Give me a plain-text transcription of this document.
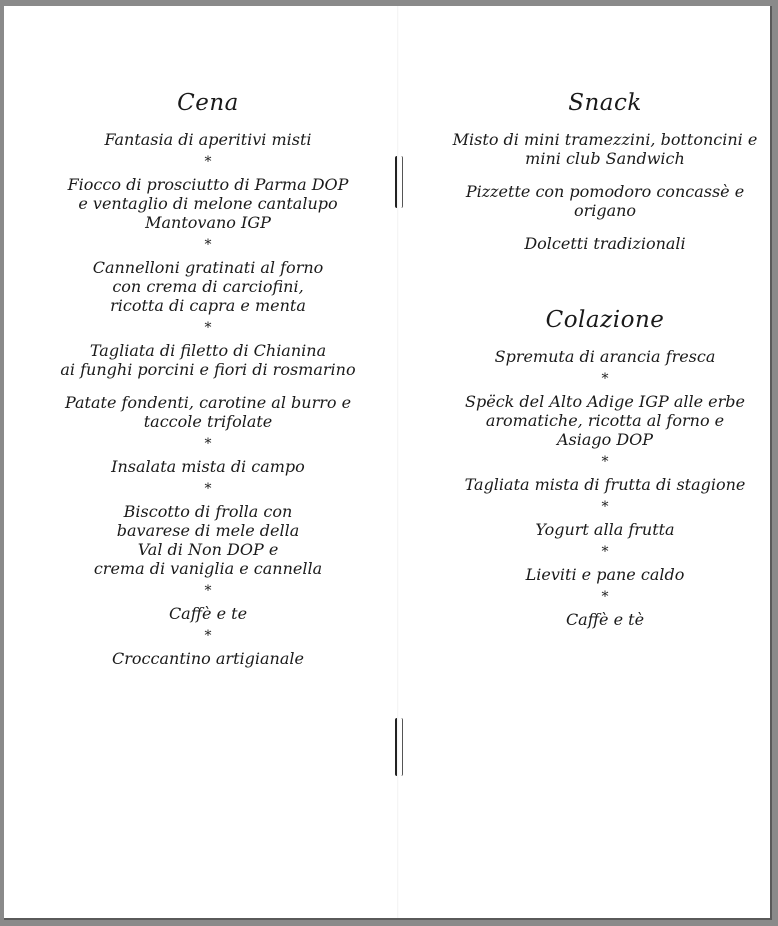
Cena

Fantasia di aperitivi misti

*

Fiocco di prosciutto di Parma DOP
e ventaglio di melone cantalupo
Mantovano IGP

*

Cannelloni gratinati al forno
con crema di carciofini,
ricotta di capra e menta

*

Tagliata di filetto di Chianina
ai funghi porcini e fiori di rosmarino

Patate fondenti, carotine al burro e
taccole trifolate

*

Insalata mista di campo

*

Biscotto di frolla con
bavarese di mele della
Val di Non DOP e
crema di vaniglia e cannella

*

Caffè e te

*

Croccantino artigianale

Snack

Misto di mini tramezzini, bottoncini e
mini club Sandwich

Pizzette con pomodoro concassè e origano

Dolcetti tradizionali

Colazione

Spremuta di arancia fresca

*

Spëck del Alto Adige IGP alle erbe
aromatiche, ricotta al forno e
Asiago DOP

*

Tagliata mista di frutta di stagione

*

Yogurt alla frutta

*

Lieviti e pane caldo

*

Caffè e tè
